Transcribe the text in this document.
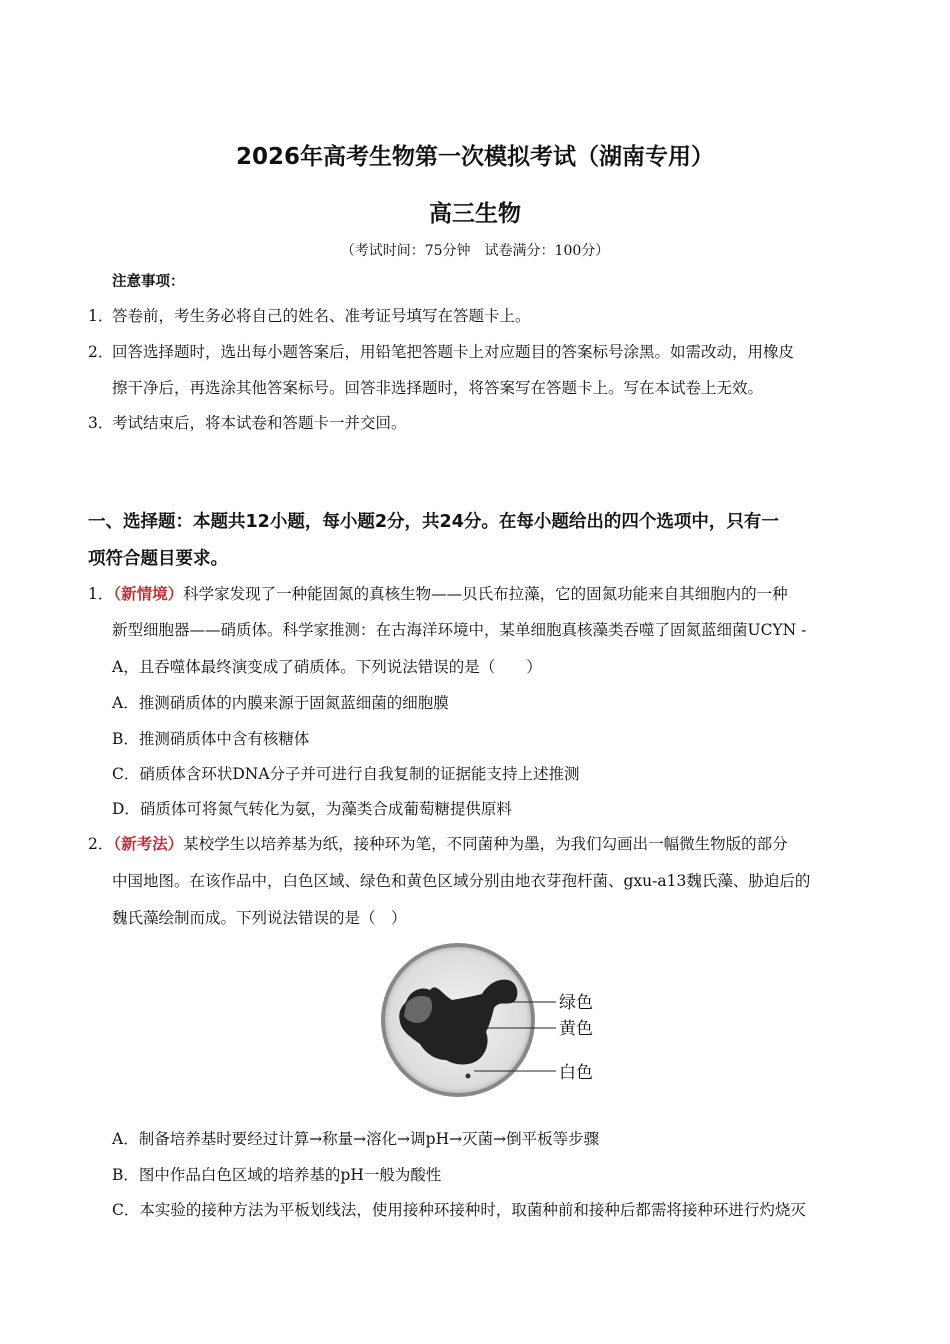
2026年高考生物第一次模拟考试（湖南专用）
高三生物
（考试时间：75分钟　试卷满分：100分）
注意事项：
1．
答卷前，考生务必将自己的姓名、准考证号填写在答题卡上。
2．
回答选择题时，选出每小题答案后，用铅笔把答题卡上对应题目的答案标号涂黑。如需改动，用橡皮
擦干净后，再选涂其他答案标号。回答非选择题时，将答案写在答题卡上。写在本试卷上无效。
3．
考试结束后，将本试卷和答题卡一并交回。
一、选择题：本题共12小题，每小题2分，共24分。在每小题给出的四个选项中，只有一
项符合题目要求。
1．（新情境）科学家发现了一种能固氮的真核生物——贝氏布拉藻，它的固氮功能来自其细胞内的一种
新型细胞器——硝质体。科学家推测：在古海洋环境中，某单细胞真核藻类吞噬了固氮蓝细菌UCYN -
A，且吞噬体最终演变成了硝质体。下列说法错误的是（　　）
A．推测硝质体的内膜来源于固氮蓝细菌的细胞膜
B．推测硝质体中含有核糖体
C．硝质体含环状DNA分子并可进行自我复制的证据能支持上述推测
D．硝质体可将氮气转化为氨，为藻类合成葡萄糖提供原料
2．（新考法）某校学生以培养基为纸，接种环为笔，不同菌种为墨，为我们勾画出一幅微生物版的部分
中国地图。在该作品中，白色区域、绿色和黄色区域分别由地衣芽孢杆菌、gxu-a13魏氏藻、胁迫后的
魏氏藻绘制而成。下列说法错误的是（　）
绿色
黄色
白色
A．制备培养基时要经过计算→称量→溶化→调pH→灭菌→倒平板等步骤
B．图中作品白色区域的培养基的pH一般为酸性
C．本实验的接种方法为平板划线法，使用接种环接种时，取菌种前和接种后都需将接种环进行灼烧灭
